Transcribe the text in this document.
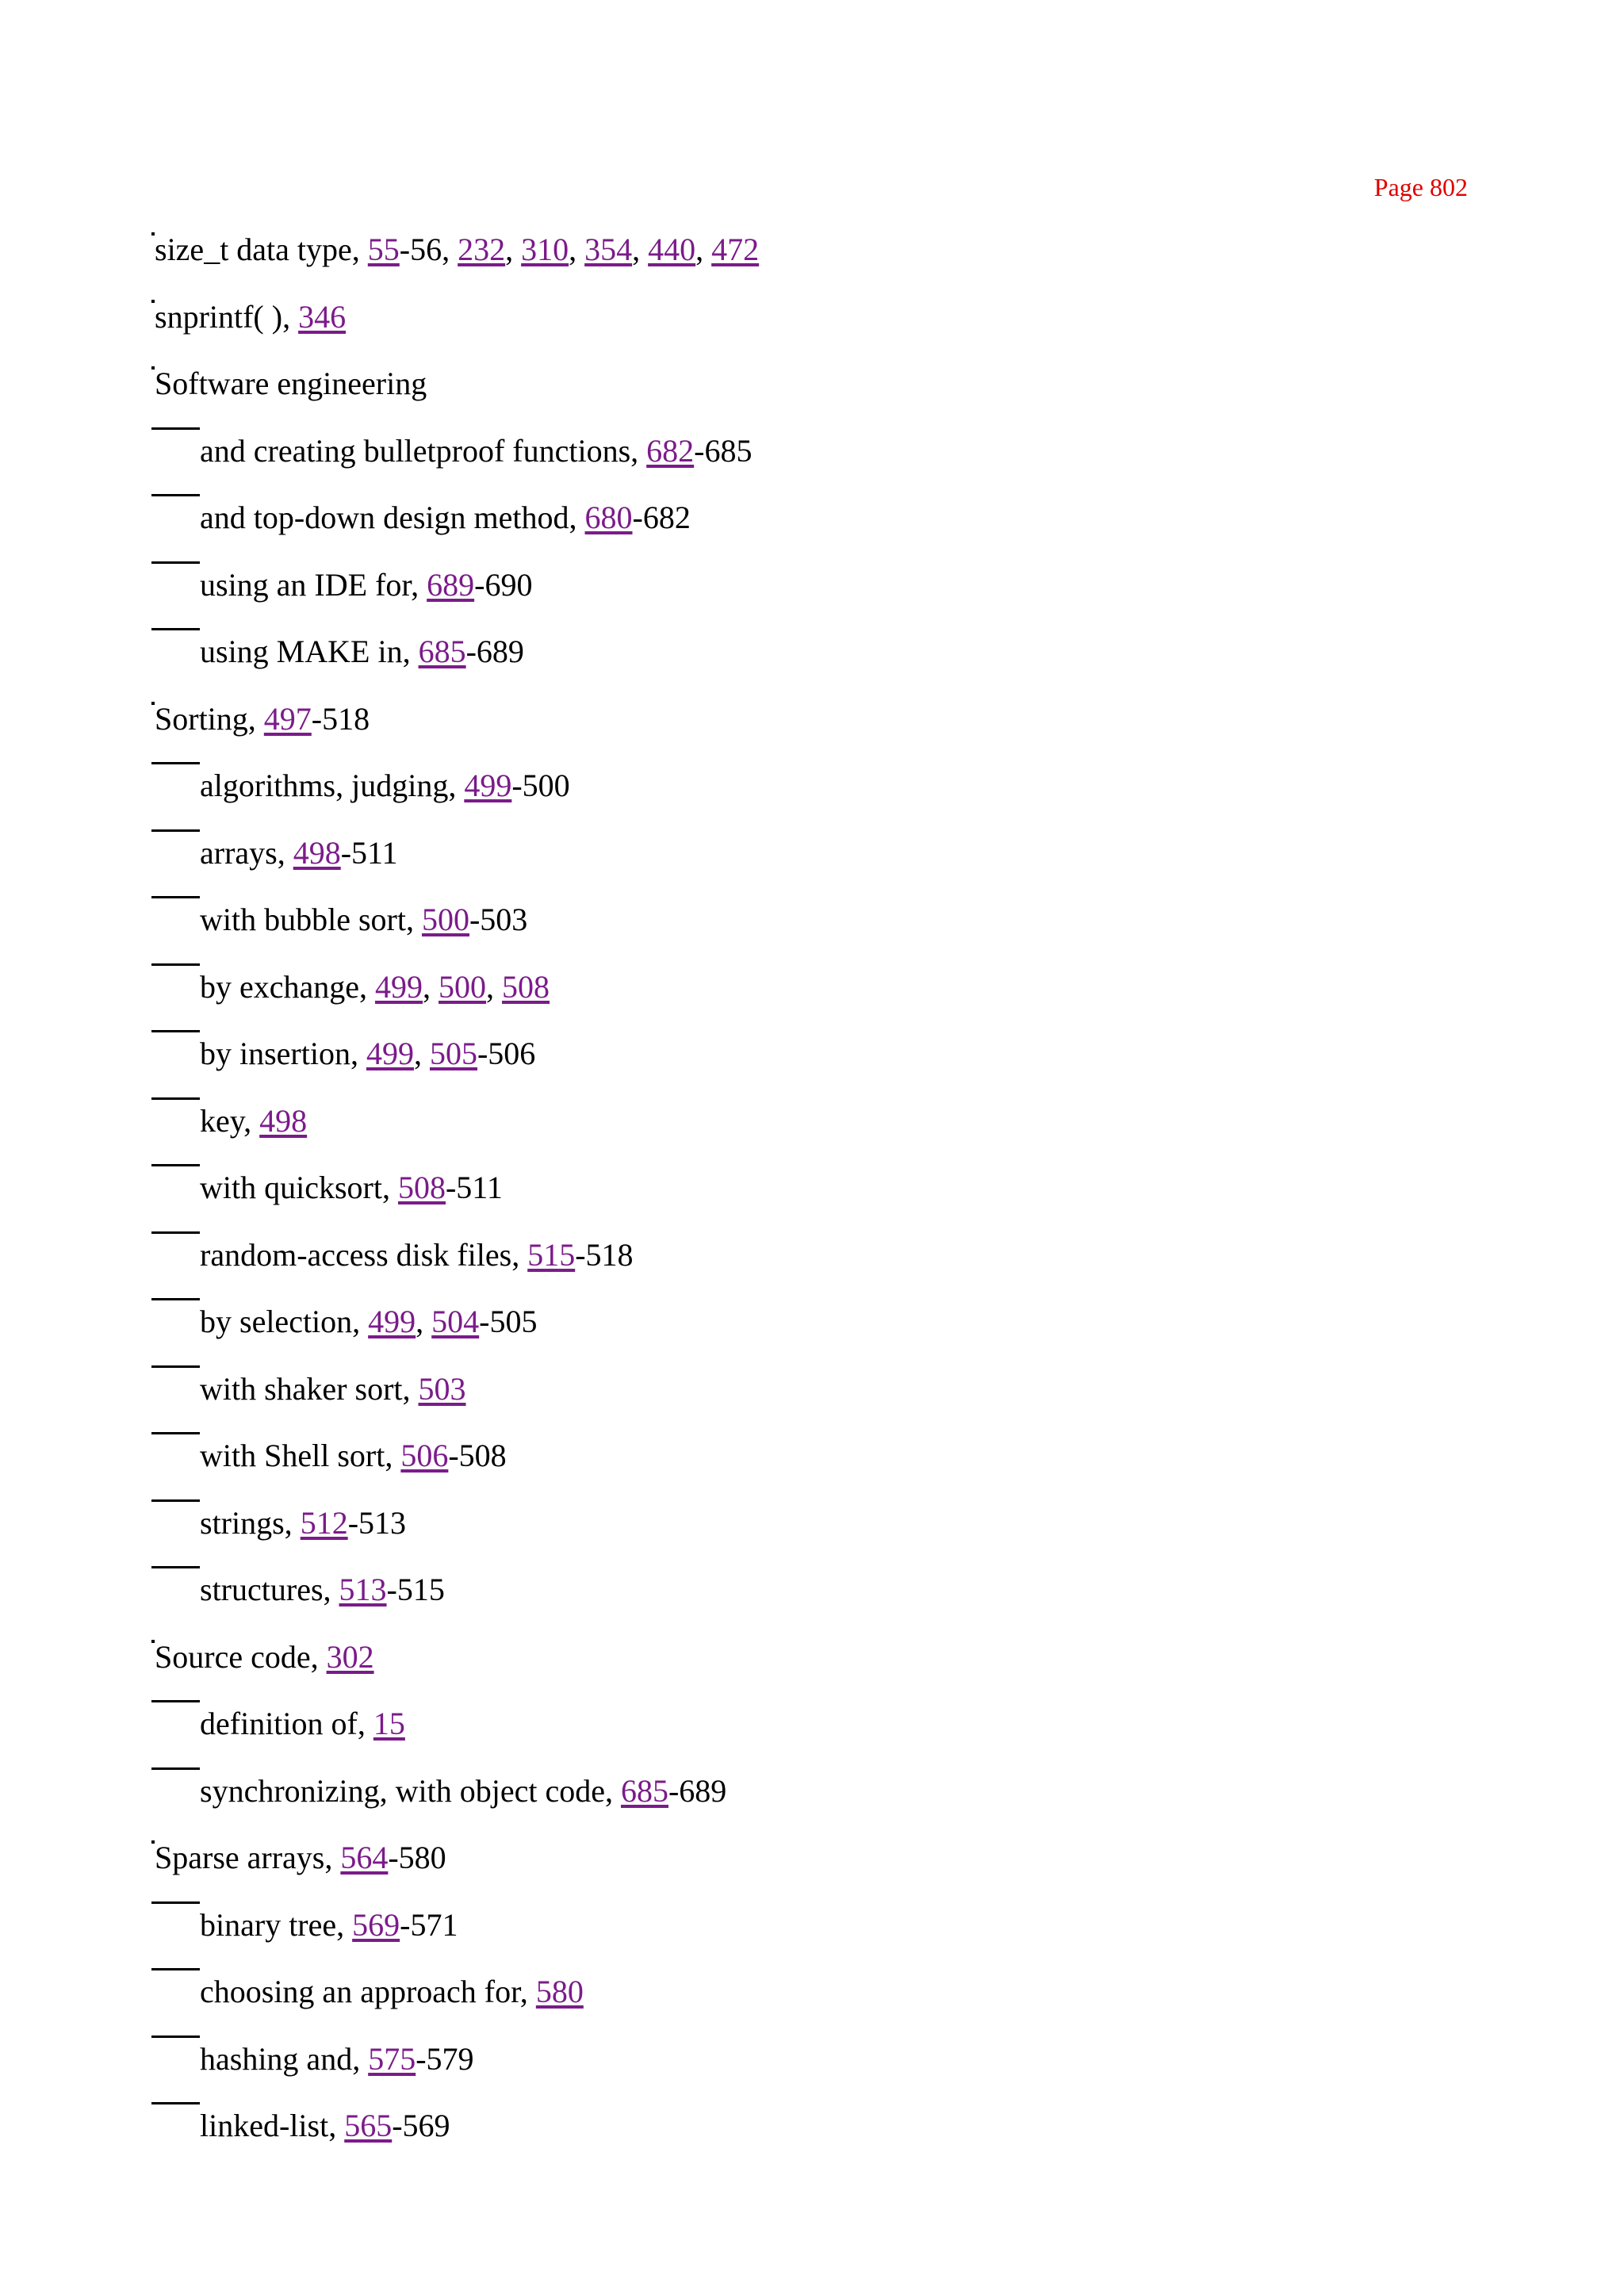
Page 802
size_t data type, 55-56, 232, 310, 354, 440, 472
snprintf( ), 346
Software engineering
and creating bulletproof functions, 682-685
and top-down design method, 680-682
using an IDE for, 689-690
using MAKE in, 685-689
Sorting, 497-518
algorithms, judging, 499-500
arrays, 498-511
with bubble sort, 500-503
by exchange, 499, 500, 508
by insertion, 499, 505-506
key, 498
with quicksort, 508-511
random-access disk files, 515-518
by selection, 499, 504-505
with shaker sort, 503
with Shell sort, 506-508
strings, 512-513
structures, 513-515
Source code, 302
definition of, 15
synchronizing, with object code, 685-689
Sparse arrays, 564-580
binary tree, 569-571
choosing an approach for, 580
hashing and, 575-579
linked-list, 565-569
